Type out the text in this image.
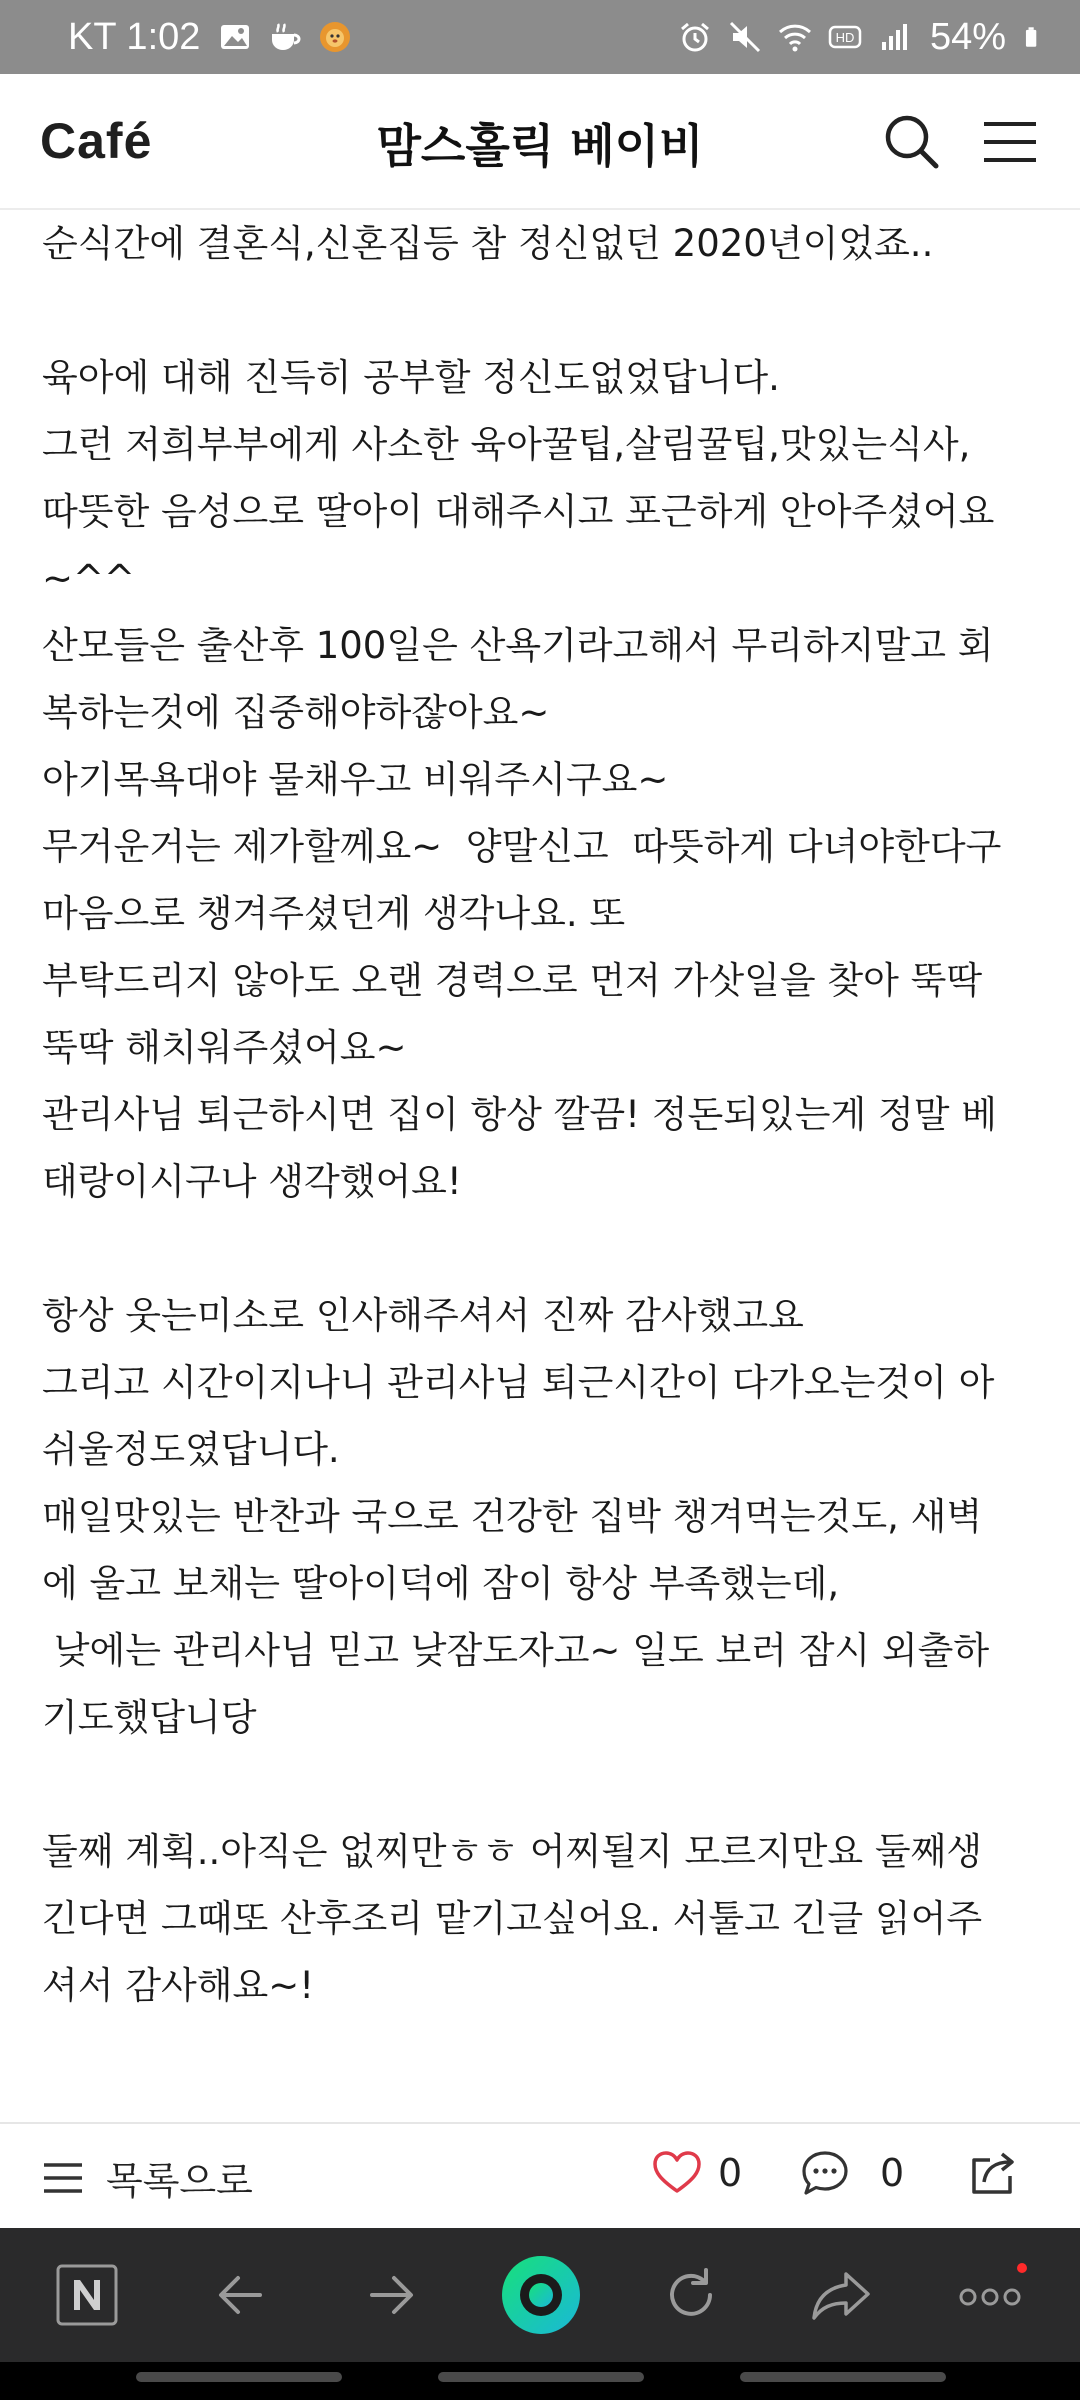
KT 1:02	HD 54%
Café	맘스홀릭 베이비

순식간에 결혼식,신혼집등 참 정신없던 2020년이었죠..

육아에 대해 진득히 공부할 정신도없었답니다.

그런 저희부부에게 사소한 육아꿀팁,살림꿀팁,맛있는식사,

따뜻한 음성으로 딸아이 대해주시고 포근하게 안아주셨어요

~^^

산모들은 출산후 100일은 산욕기라고해서 무리하지말고 회

복하는것에 집중해야하잖아요~

아기목욕대야 물채우고 비워주시구요~

무거운거는 제가할께요~  양말신고  따뜻하게 다녀야한다구

마음으로 챙겨주셨던게 생각나요. 또

부탁드리지 않아도 오랜 경력으로 먼저 가삿일을 찾아 뚝딱

뚝딱 해치워주셨어요~

관리사님 퇴근하시면 집이 항상 깔끔! 정돈되있는게 정말 베

태랑이시구나 생각했어요!

항상 웃는미소로 인사해주셔서 진짜 감사했고요

그리고 시간이지나니 관리사님 퇴근시간이 다가오는것이 아

쉬울정도였답니다.

매일맛있는 반찬과 국으로 건강한 집박 챙겨먹는것도, 새벽

에 울고 보채는 딸아이덕에 잠이 항상 부족했는데,

낮에는 관리사님 믿고 낮잠도자고~ 일도 보러 잠시 외출하

기도했답니당

둘째 계획..아직은 없찌만ㅎㅎ 어찌될지 모르지만요 둘째생

긴다면 그때또 산후조리 맡기고싶어요. 서툴고 긴글 읽어주

셔서 감사해요~!

목록으로	0	0
